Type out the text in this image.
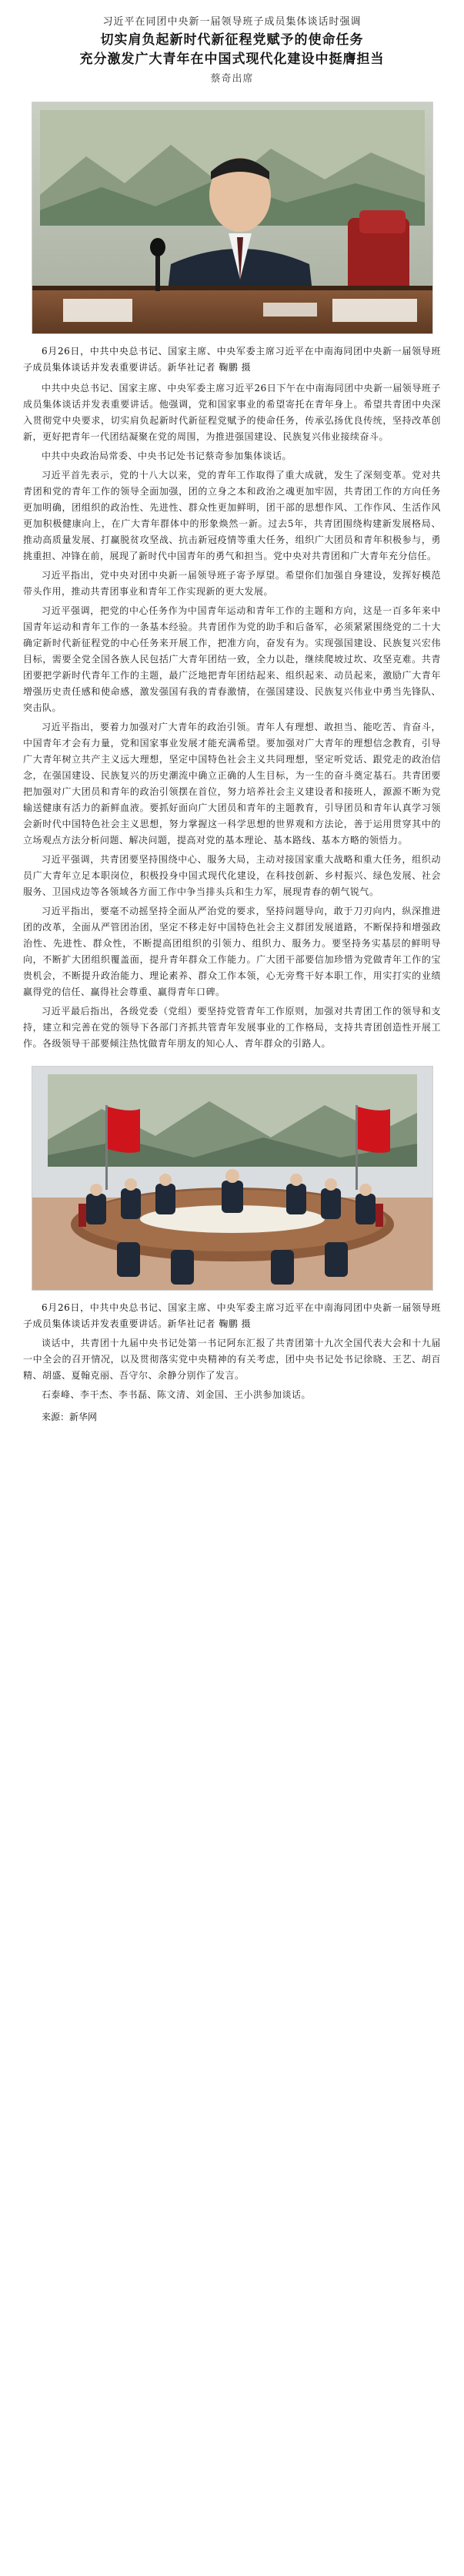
习近平在同团中央新一届领导班子成员集体谈话时强调
切实肩负起新时代新征程党赋予的使命任务
充分激发广大青年在中国式现代化建设中挺膺担当
蔡奇出席
6月26日，中共中央总书记、国家主席、中央军委主席习近平在中南海同团中央新一届领导班子成员集体谈话并发表重要讲话。新华社记者 鞠鹏 摄

中共中央总书记、国家主席、中央军委主席习近平26日下午在中南海同团中央新一届领导班子成员集体谈话并发表重要讲话。他强调，党和国家事业的希望寄托在青年身上。希望共青团中央深入贯彻党中央要求，切实肩负起新时代新征程党赋予的使命任务，传承弘扬优良传统，坚持改革创新，更好把青年一代团结凝聚在党的周围，为推进强国建设、民族复兴伟业接续奋斗。

中共中央政治局常委、中央书记处书记蔡奇参加集体谈话。

习近平首先表示，党的十八大以来，党的青年工作取得了重大成就，发生了深刻变革。党对共青团和党的青年工作的领导全面加强，团的立身之本和政治之魂更加牢固，共青团工作的方向任务更加明确，团组织的政治性、先进性、群众性更加鲜明，团干部的思想作风、工作作风、生活作风更加积极健康向上，在广大青年群体中的形象焕然一新。过去5年，共青团围绕构建新发展格局、推动高质量发展、打赢脱贫攻坚战、抗击新冠疫情等重大任务，组织广大团员和青年积极参与，勇挑重担、冲锋在前，展现了新时代中国青年的勇气和担当。党中央对共青团和广大青年充分信任。

习近平指出，党中央对团中央新一届领导班子寄予厚望。希望你们加强自身建设，发挥好模范带头作用，推动共青团事业和青年工作实现新的更大发展。

习近平强调，把党的中心任务作为中国青年运动和青年工作的主题和方向，这是一百多年来中国青年运动和青年工作的一条基本经验。共青团作为党的助手和后备军，必须紧紧围绕党的二十大确定新时代新征程党的中心任务来开展工作，把准方向，奋发有为。实现强国建设、民族复兴宏伟目标，需要全党全国各族人民包括广大青年团结一致，全力以赴，继续爬坡过坎、攻坚克难。共青团要把学新时代青年工作的主题，最广泛地把青年团结起来、组织起来、动员起来，激励广大青年增强历史责任感和使命感，激发强国有我的青春激情，在强国建设、民族复兴伟业中勇当先锋队、突击队。

习近平指出，要着力加强对广大青年的政治引领。青年人有理想、敢担当、能吃苦、肯奋斗，中国青年才会有力量，党和国家事业发展才能充满希望。要加强对广大青年的理想信念教育，引导广大青年树立共产主义远大理想，坚定中国特色社会主义共同理想，坚定听党话、跟党走的政治信念，在强国建设、民族复兴的历史潮流中确立正确的人生目标，为一生的奋斗奠定基石。共青团要把加强对广大团员和青年的政治引领摆在首位，努力培养社会主义建设者和接班人，源源不断为党输送健康有活力的新鲜血液。要抓好面向广大团员和青年的主题教育，引导团员和青年认真学习领会新时代中国特色社会主义思想，努力掌握这一科学思想的世界观和方法论，善于运用贯穿其中的立场观点方法分析问题、解决问题，提高对党的基本理论、基本路线、基本方略的领悟力。

习近平强调，共青团要坚持围绕中心、服务大局，主动对接国家重大战略和重大任务，组织动员广大青年立足本职岗位，积极投身中国式现代化建设，在科技创新、乡村振兴、绿色发展、社会服务、卫国戍边等各领域各方面工作中争当排头兵和生力军，展现青春的朝气锐气。

习近平指出，要毫不动摇坚持全面从严治党的要求，坚持问题导向，敢于刀刃向内，纵深推进团的改革，全面从严管团治团，坚定不移走好中国特色社会主义群团发展道路，不断保持和增强政治性、先进性、群众性，不断提高团组织的引领力、组织力、服务力。要坚持务实基层的鲜明导向，不断扩大团组织覆盖面，提升青年群众工作能力。广大团干部要信加珍惜为党做青年工作的宝贵机会，不断提升政治能力、理论素养、群众工作本领，心无旁骛干好本职工作，用实打实的业绩赢得党的信任、赢得社会尊重、赢得青年口碑。

习近平最后指出，各级党委（党组）要坚持党管青年工作原则，加强对共青团工作的领导和支持，建立和完善在党的领导下各部门齐抓共管青年发展事业的工作格局，支持共青团创造性开展工作。各级领导干部要倾注热忱做青年朋友的知心人、青年群众的引路人。

6月26日，中共中央总书记、国家主席、中央军委主席习近平在中南海同团中央新一届领导班子成员集体谈话并发表重要讲话。新华社记者 鞠鹏 摄

谈话中，共青团十九届中央书记处第一书记阿东汇报了共青团第十九次全国代表大会和十九届一中全会的召开情况，以及贯彻落实党中央精神的有关考虑，团中央书记处书记徐晓、王艺、胡百精、胡盛、夏翰克丽、吾守尔、余静分别作了发言。

石泰峰、李干杰、李书磊、陈文清、刘金国、王小洪参加谈话。

来源：新华网
